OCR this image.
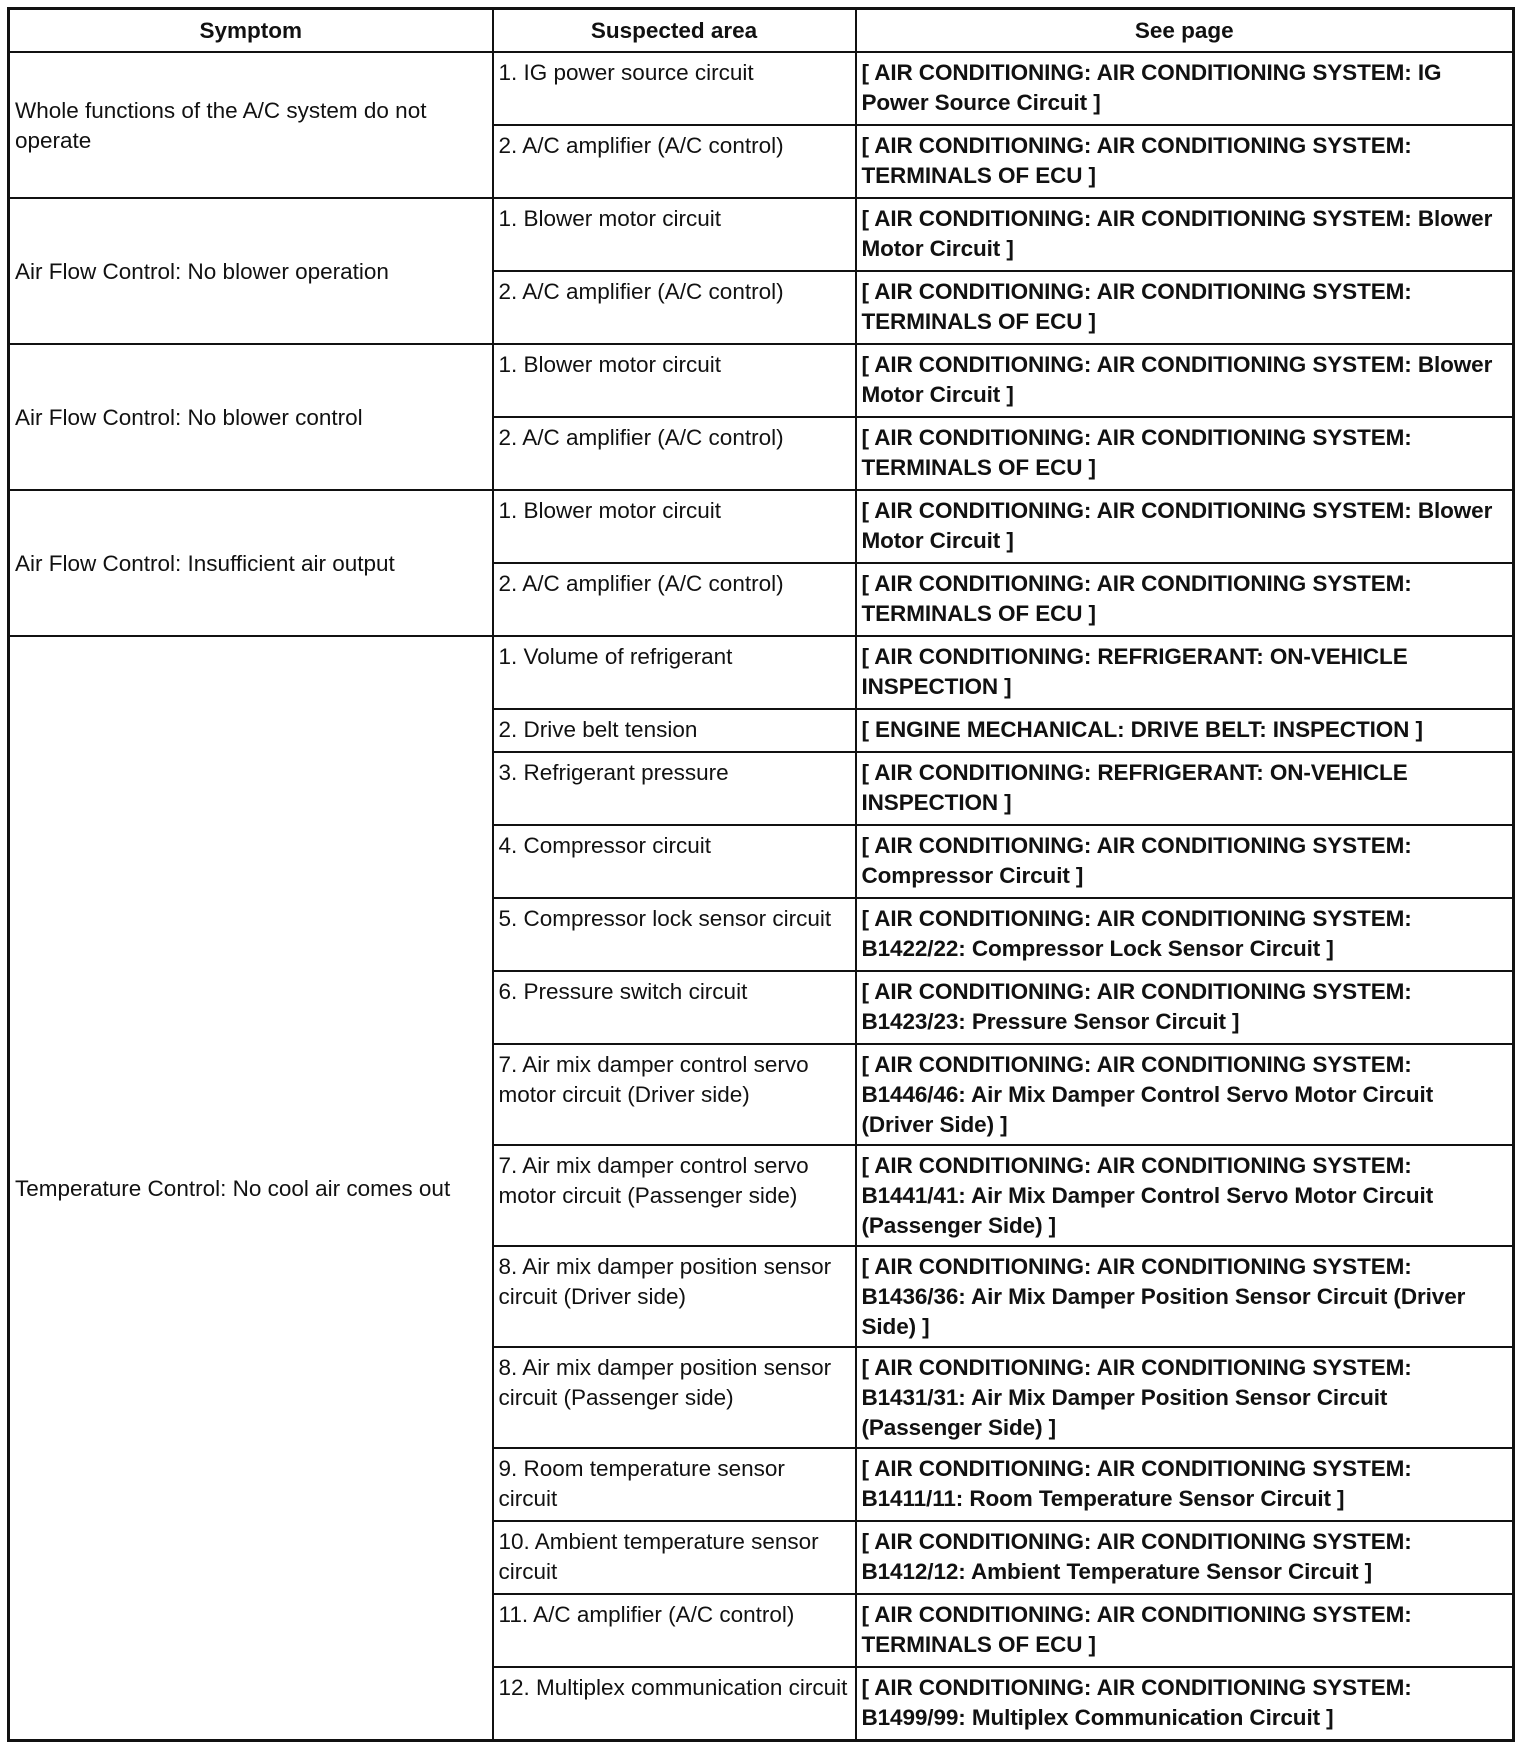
Symptom	Suspected area	See page
Whole functions of the A/C system do not operate	1. IG power source circuit	[ AIR CONDITIONING: AIR CONDITIONING SYSTEM: IG Power Source Circuit ]
	2. A/C amplifier (A/C control)	[ AIR CONDITIONING: AIR CONDITIONING SYSTEM: TERMINALS OF ECU ]
Air Flow Control: No blower operation	1. Blower motor circuit	[ AIR CONDITIONING: AIR CONDITIONING SYSTEM: Blower Motor Circuit ]
	2. A/C amplifier (A/C control)	[ AIR CONDITIONING: AIR CONDITIONING SYSTEM: TERMINALS OF ECU ]
Air Flow Control: No blower control	1. Blower motor circuit	[ AIR CONDITIONING: AIR CONDITIONING SYSTEM: Blower Motor Circuit ]
	2. A/C amplifier (A/C control)	[ AIR CONDITIONING: AIR CONDITIONING SYSTEM: TERMINALS OF ECU ]
Air Flow Control: Insufficient air output	1. Blower motor circuit	[ AIR CONDITIONING: AIR CONDITIONING SYSTEM: Blower Motor Circuit ]
	2. A/C amplifier (A/C control)	[ AIR CONDITIONING: AIR CONDITIONING SYSTEM: TERMINALS OF ECU ]
Temperature Control: No cool air comes out	1. Volume of refrigerant	[ AIR CONDITIONING: REFRIGERANT: ON-VEHICLE INSPECTION ]
	2. Drive belt tension	[ ENGINE MECHANICAL: DRIVE BELT: INSPECTION ]
	3. Refrigerant pressure	[ AIR CONDITIONING: REFRIGERANT: ON-VEHICLE INSPECTION ]
	4. Compressor circuit	[ AIR CONDITIONING: AIR CONDITIONING SYSTEM: Compressor Circuit ]
	5. Compressor lock sensor circuit	[ AIR CONDITIONING: AIR CONDITIONING SYSTEM: B1422/22: Compressor Lock Sensor Circuit ]
	6. Pressure switch circuit	[ AIR CONDITIONING: AIR CONDITIONING SYSTEM: B1423/23: Pressure Sensor Circuit ]
	7. Air mix damper control servo motor circuit (Driver side)	[ AIR CONDITIONING: AIR CONDITIONING SYSTEM: B1446/46: Air Mix Damper Control Servo Motor Circuit (Driver Side) ]
	7. Air mix damper control servo motor circuit (Passenger side)	[ AIR CONDITIONING: AIR CONDITIONING SYSTEM: B1441/41: Air Mix Damper Control Servo Motor Circuit (Passenger Side) ]
	8. Air mix damper position sensor circuit (Driver side)	[ AIR CONDITIONING: AIR CONDITIONING SYSTEM: B1436/36: Air Mix Damper Position Sensor Circuit (Driver Side) ]
	8. Air mix damper position sensor circuit (Passenger side)	[ AIR CONDITIONING: AIR CONDITIONING SYSTEM: B1431/31: Air Mix Damper Position Sensor Circuit (Passenger Side) ]
	9. Room temperature sensor circuit	[ AIR CONDITIONING: AIR CONDITIONING SYSTEM: B1411/11: Room Temperature Sensor Circuit ]
	10. Ambient temperature sensor circuit	[ AIR CONDITIONING: AIR CONDITIONING SYSTEM: B1412/12: Ambient Temperature Sensor Circuit ]
	11. A/C amplifier (A/C control)	[ AIR CONDITIONING: AIR CONDITIONING SYSTEM: TERMINALS OF ECU ]
	12. Multiplex communication circuit	[ AIR CONDITIONING: AIR CONDITIONING SYSTEM: B1499/99: Multiplex Communication Circuit ]
